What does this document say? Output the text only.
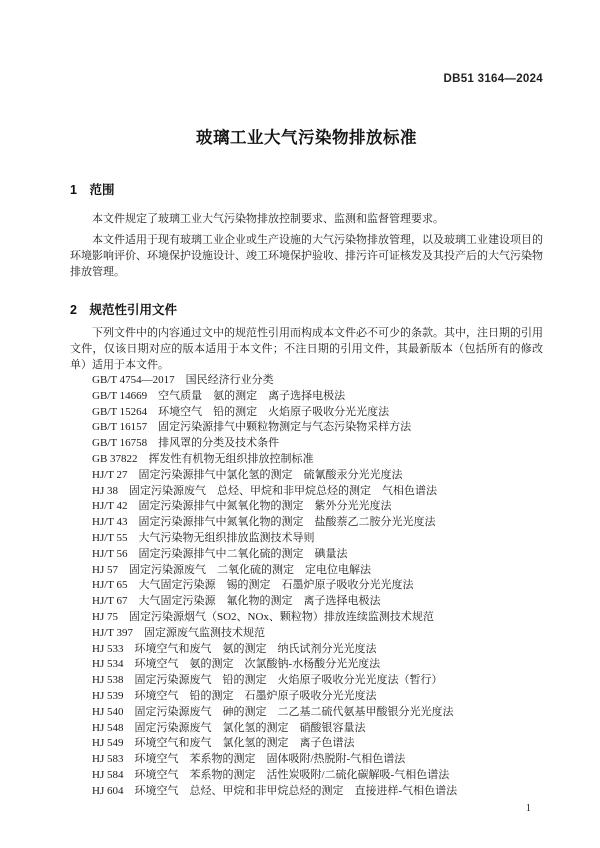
DB51 3164—2024
玻璃工业大气污染物排放标准
1　范围

本文件规定了玻璃工业大气污染物排放控制要求、监测和监督管理要求。

本文件适用于现有玻璃工业企业或生产设施的大气污染物排放管理，以及玻璃工业建设项目的环境影响评价、环境保护设施设计、竣工环境保护验收、排污许可证核发及其投产后的大气污染物排放管理。

2　规范性引用文件

下列文件中的内容通过文中的规范性引用而构成本文件必不可少的条款。其中，注日期的引用文件，仅该日期对应的版本适用于本文件；不注日期的引用文件，其最新版本（包括所有的修改单）适用于本文件。

GB/T 4754—2017　国民经济行业分类
GB/T 14669　空气质量　氨的测定　离子选择电极法
GB/T 15264　环境空气　铅的测定　火焰原子吸收分光光度法
GB/T 16157　固定污染源排气中颗粒物测定与气态污染物采样方法
GB/T 16758　排风罩的分类及技术条件
GB 37822　挥发性有机物无组织排放控制标准
HJ/T 27　固定污染源排气中氯化氢的测定　硫氰酸汞分光光度法
HJ 38　固定污染源废气　总烃、甲烷和非甲烷总烃的测定　气相色谱法
HJ/T 42　固定污染源排气中氮氧化物的测定　紫外分光光度法
HJ/T 43　固定污染源排气中氮氧化物的测定　盐酸萘乙二胺分光光度法
HJ/T 55　大气污染物无组织排放监测技术导则
HJ/T 56　固定污染源排气中二氧化硫的测定　碘量法
HJ 57　固定污染源废气　二氧化硫的测定　定电位电解法
HJ/T 65　大气固定污染源　锡的测定　石墨炉原子吸收分光光度法
HJ/T 67　大气固定污染源　氟化物的测定　离子选择电极法
HJ 75　固定污染源烟气（SO2、NOx、颗粒物）排放连续监测技术规范
HJ/T 397　固定源废气监测技术规范
HJ 533　环境空气和废气　氨的测定　纳氏试剂分光光度法
HJ 534　环境空气　氨的测定　次氯酸钠-水杨酸分光光度法
HJ 538　固定污染源废气　铅的测定　火焰原子吸收分光光度法（暂行）
HJ 539　环境空气　铅的测定　石墨炉原子吸收分光光度法
HJ 540　固定污染源废气　砷的测定　二乙基二硫代氨基甲酸银分光光度法
HJ 548　固定污染源废气　氯化氢的测定　硝酸银容量法
HJ 549　环境空气和废气　氯化氢的测定　离子色谱法
HJ 583　环境空气　苯系物的测定　固体吸附/热脱附-气相色谱法
HJ 584　环境空气　苯系物的测定　活性炭吸附/二硫化碳解吸-气相色谱法
HJ 604　环境空气　总烃、甲烷和非甲烷总烃的测定　直接进样-气相色谱法
1
